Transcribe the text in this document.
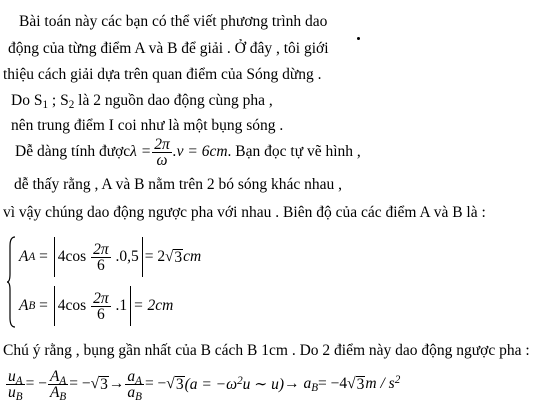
Bài toán này các bạn có thể viết phương trình dao
động của từng điểm A và B để giải . Ở đây , tôi giới
thiệu cách giải dựa trên quan điểm của Sóng dừng .
Do $S_1$ ; $S_2$ là 2 nguồn dao động cùng pha ,
nên trung điểm I coi như là một bụng sóng .
Dễ dàng tính được $\lambda = \frac{2\pi}{\omega} .v = 6cm$ . Bạn đọc tự vẽ hình ,
dễ thấy rằng , A và B nằm trên 2 bó sóng khác nhau ,
vì vậy chúng dao động ngược pha với nhau . Biên độ của các điểm A và B là :
A $A = 4\cos \frac{2\pi}{6} .0,5 = 2$ √ 3 cm
A $B = 4\cos \frac{2\pi}{6} .1 = 2cm$
Chú ý rằng , bụng gần nhất của B cách B 1cm . Do 2 điểm này dao động ngược pha :
$\frac{u_A}{u_B}$ = − $\frac{A_A}{A_B}$ = − √ $3 \to \frac{a_A}{a_B}$ = − √ 3 ($a = -\omega^2u$ ∼ $u) \to a_B = -4$ √ 3 m / $s^2$
